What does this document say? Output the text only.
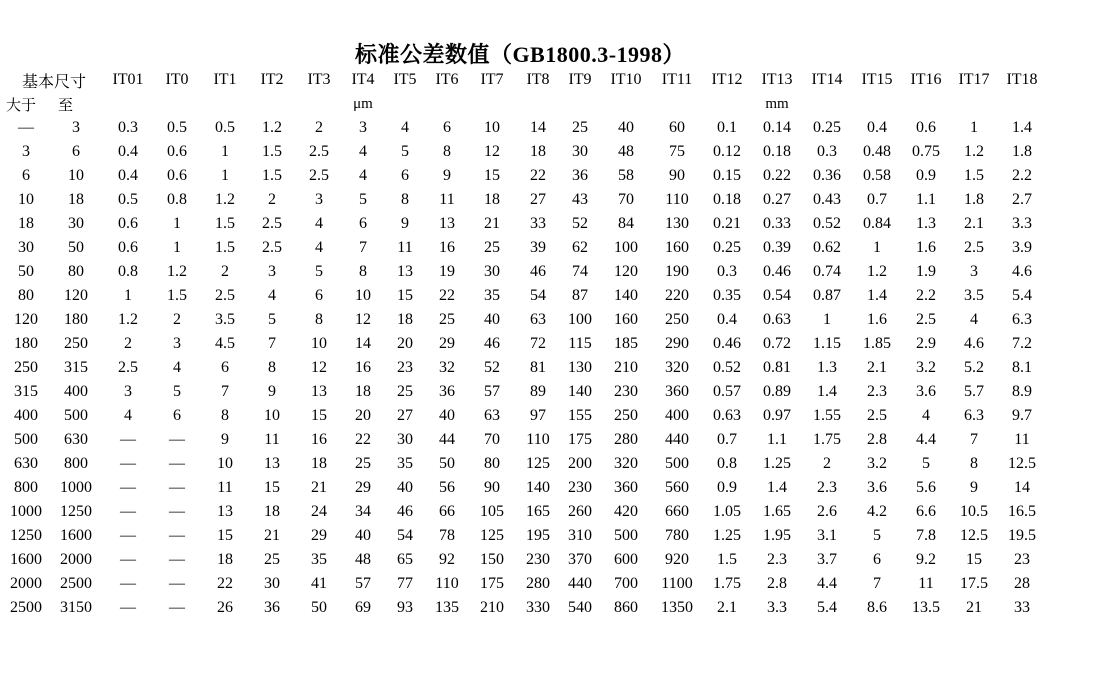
标准公差数值（GB1800.3-1998）
基本尺寸		IT01	IT0	IT1	IT2	IT3	IT4	IT5	IT6	IT7	IT8	IT9	IT10	IT11	IT12	IT13	IT14	IT15	IT16	IT17	IT18
大于	至						μm									mm					
—	3	0.3	0.5	0.5	1.2	2	3	4	6	10	14	25	40	60	0.1	0.14	0.25	0.4	0.6	1	1.4
3	6	0.4	0.6	1	1.5	2.5	4	5	8	12	18	30	48	75	0.12	0.18	0.3	0.48	0.75	1.2	1.8
6	10	0.4	0.6	1	1.5	2.5	4	6	9	15	22	36	58	90	0.15	0.22	0.36	0.58	0.9	1.5	2.2
10	18	0.5	0.8	1.2	2	3	5	8	11	18	27	43	70	110	0.18	0.27	0.43	0.7	1.1	1.8	2.7
18	30	0.6	1	1.5	2.5	4	6	9	13	21	33	52	84	130	0.21	0.33	0.52	0.84	1.3	2.1	3.3
30	50	0.6	1	1.5	2.5	4	7	11	16	25	39	62	100	160	0.25	0.39	0.62	1	1.6	2.5	3.9
50	80	0.8	1.2	2	3	5	8	13	19	30	46	74	120	190	0.3	0.46	0.74	1.2	1.9	3	4.6
80	120	1	1.5	2.5	4	6	10	15	22	35	54	87	140	220	0.35	0.54	0.87	1.4	2.2	3.5	5.4
120	180	1.2	2	3.5	5	8	12	18	25	40	63	100	160	250	0.4	0.63	1	1.6	2.5	4	6.3
180	250	2	3	4.5	7	10	14	20	29	46	72	115	185	290	0.46	0.72	1.15	1.85	2.9	4.6	7.2
250	315	2.5	4	6	8	12	16	23	32	52	81	130	210	320	0.52	0.81	1.3	2.1	3.2	5.2	8.1
315	400	3	5	7	9	13	18	25	36	57	89	140	230	360	0.57	0.89	1.4	2.3	3.6	5.7	8.9
400	500	4	6	8	10	15	20	27	40	63	97	155	250	400	0.63	0.97	1.55	2.5	4	6.3	9.7
500	630	—	—	9	11	16	22	30	44	70	110	175	280	440	0.7	1.1	1.75	2.8	4.4	7	11
630	800	—	—	10	13	18	25	35	50	80	125	200	320	500	0.8	1.25	2	3.2	5	8	12.5
800	1000	—	—	11	15	21	29	40	56	90	140	230	360	560	0.9	1.4	2.3	3.6	5.6	9	14
1000	1250	—	—	13	18	24	34	46	66	105	165	260	420	660	1.05	1.65	2.6	4.2	6.6	10.5	16.5
1250	1600	—	—	15	21	29	40	54	78	125	195	310	500	780	1.25	1.95	3.1	5	7.8	12.5	19.5
1600	2000	—	—	18	25	35	48	65	92	150	230	370	600	920	1.5	2.3	3.7	6	9.2	15	23
2000	2500	—	—	22	30	41	57	77	110	175	280	440	700	1100	1.75	2.8	4.4	7	11	17.5	28
2500	3150	—	—	26	36	50	69	93	135	210	330	540	860	1350	2.1	3.3	5.4	8.6	13.5	21	33
